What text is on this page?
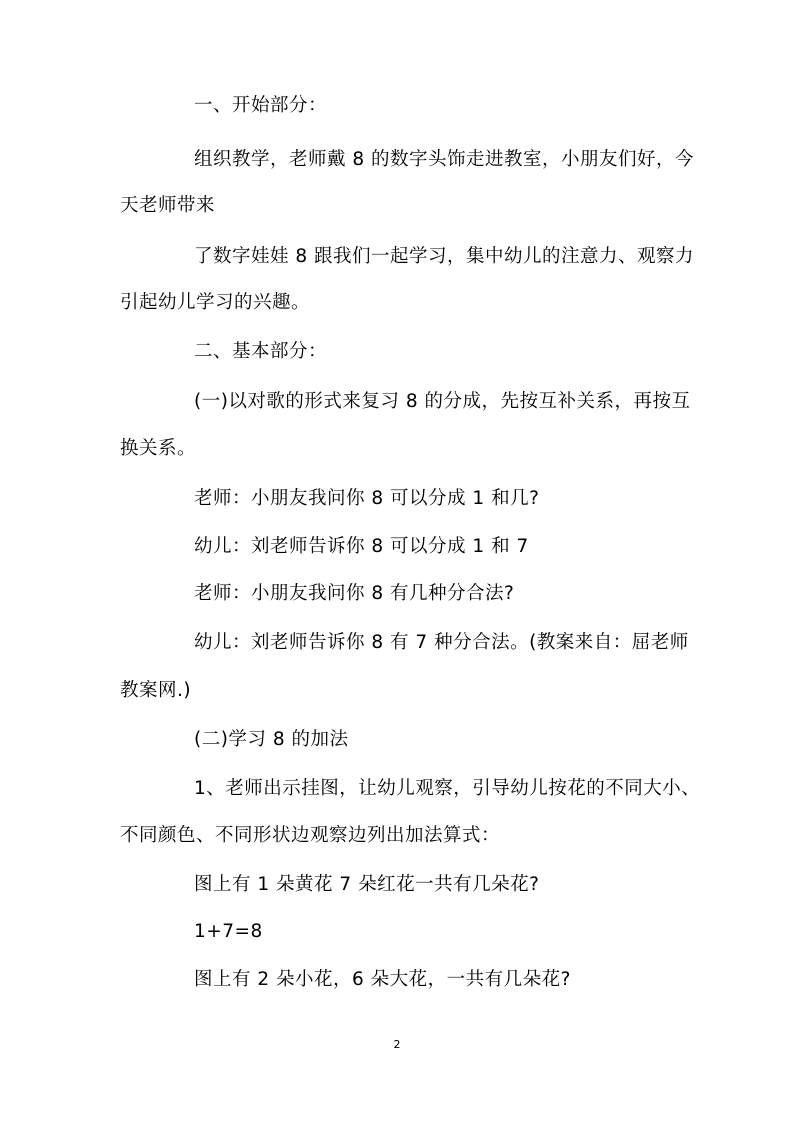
一、开始部分：
组织教学，老师戴 8 的数字头饰走进教室，小朋友们好，今
天老师带来
了数字娃娃 8 跟我们一起学习，集中幼儿的注意力、观察力
引起幼儿学习的兴趣。
二、基本部分：
(一)以对歌的形式来复习 8 的分成，先按互补关系，再按互
换关系。
老师：小朋友我问你 8 可以分成 1 和几?
幼儿：刘老师告诉你 8 可以分成 1 和 7
老师：小朋友我问你 8 有几种分合法?
幼儿：刘老师告诉你 8 有 7 种分合法。(教案来自：屈老师
教案网.)
(二)学习 8 的加法
1、老师出示挂图，让幼儿观察，引导幼儿按花的不同大小、
不同颜色、不同形状边观察边列出加法算式：
图上有 1 朵黄花 7 朵红花一共有几朵花?
1+7=8
图上有 2 朵小花，6 朵大花，一共有几朵花?
2
